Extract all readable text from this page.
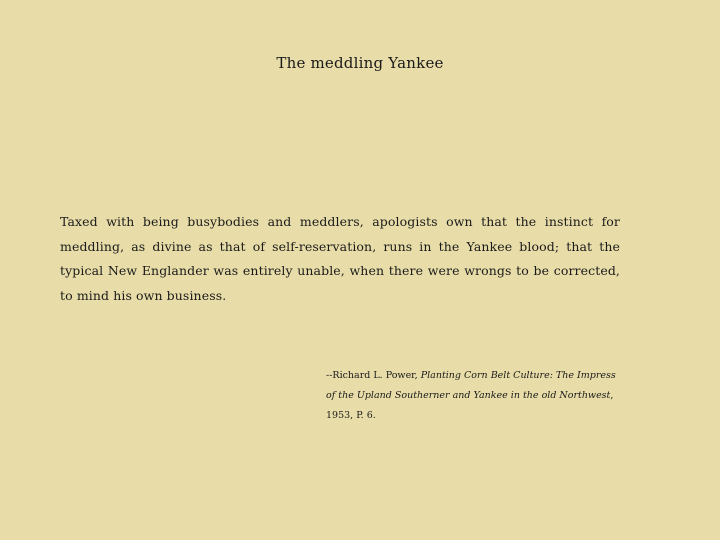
The meddling Yankee
Taxed with being busybodies and meddlers, apologists own that the instinct for meddling, as divine as that of self-reservation, runs in the Yankee blood; that the typical New Englander was entirely unable, when there were wrongs to be corrected, to mind his own business.
--Richard L. Power, Planting Corn Belt Culture: The Impress of the Upland Southerner and Yankee in the old Northwest, 1953, P. 6.
